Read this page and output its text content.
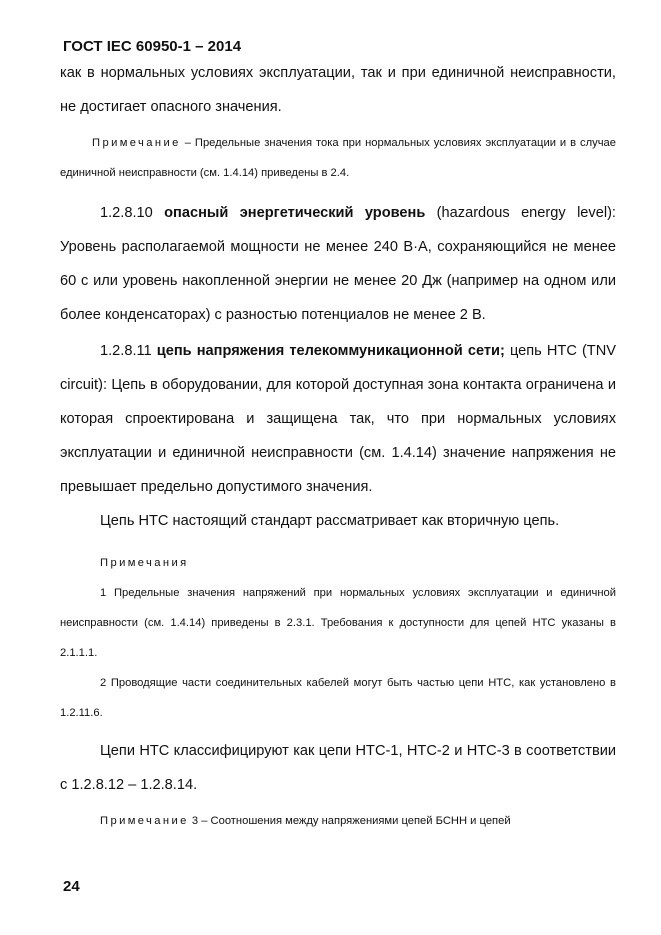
ГОСТ IEC 60950-1 – 2014

как в нормальных условиях эксплуатации, так и при единичной неисправности, не достигает опасного значения.

Примечание – Предельные значения тока при нормальных условиях эксплуатации и в случае единичной неисправности (см. 1.4.14) приведены в 2.4.

1.2.8.10 опасный энергетический уровень (hazardous energy level): Уровень располагаемой мощности не менее 240 В·А, сохраняющийся не менее 60 с или уровень накопленной энергии не менее 20 Дж (например на одном или более конденсаторах) с разностью потенциалов не менее 2 В.

1.2.8.11 цепь напряжения телекоммуникационной сети; цепь НТС (TNV circuit): Цепь в оборудовании, для которой доступная зона контакта ограничена и которая спроектирована и защищена так, что при нормальных условиях эксплуатации и единичной неисправности (см. 1.4.14) значение напряжения не превышает предельно допустимого значения.

Цепь НТС настоящий стандарт рассматривает как вторичную цепь.

Примечания

1 Предельные значения напряжений при нормальных условиях эксплуатации и единичной неисправности (см. 1.4.14) приведены в 2.3.1. Требования к доступности для цепей НТС указаны в 2.1.1.1.

2 Проводящие части соединительных кабелей могут быть частью цепи НТС, как установлено в 1.2.11.6.

Цепи НТС классифицируют как цепи НТС-1, НТС-2 и НТС-3 в соответствии с 1.2.8.12 – 1.2.8.14.

Примечание 3 – Соотношения между напряжениями цепей БСНН и цепей

24
